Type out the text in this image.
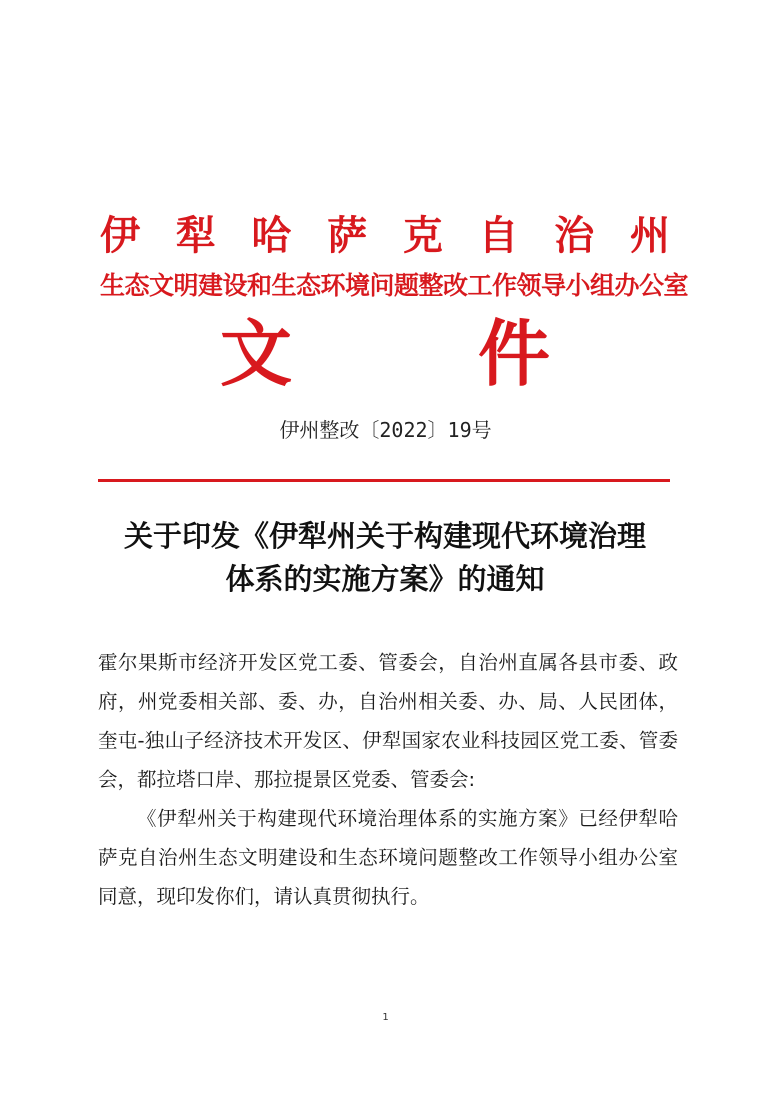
伊 犁 哈 萨 克 自 治 州
生态文明建设和生态环境问题整改工作领导小组办公室
文	件
伊州整改〔2022〕19号
关于印发《伊犁州关于构建现代环境治理
体系的实施方案》的通知

霍尔果斯市经济开发区党工委、管委会，自治州直属各县市委、政府，州党委相关部、委、办，自治州相关委、办、局、人民团体，奎屯-独山子经济技术开发区、伊犁国家农业科技园区党工委、管委会，都拉塔口岸、那拉提景区党委、管委会:

《伊犁州关于构建现代环境治理体系的实施方案》已经伊犁哈萨克自治州生态文明建设和生态环境问题整改工作领导小组办公室同意，现印发你们，请认真贯彻执行。

1
